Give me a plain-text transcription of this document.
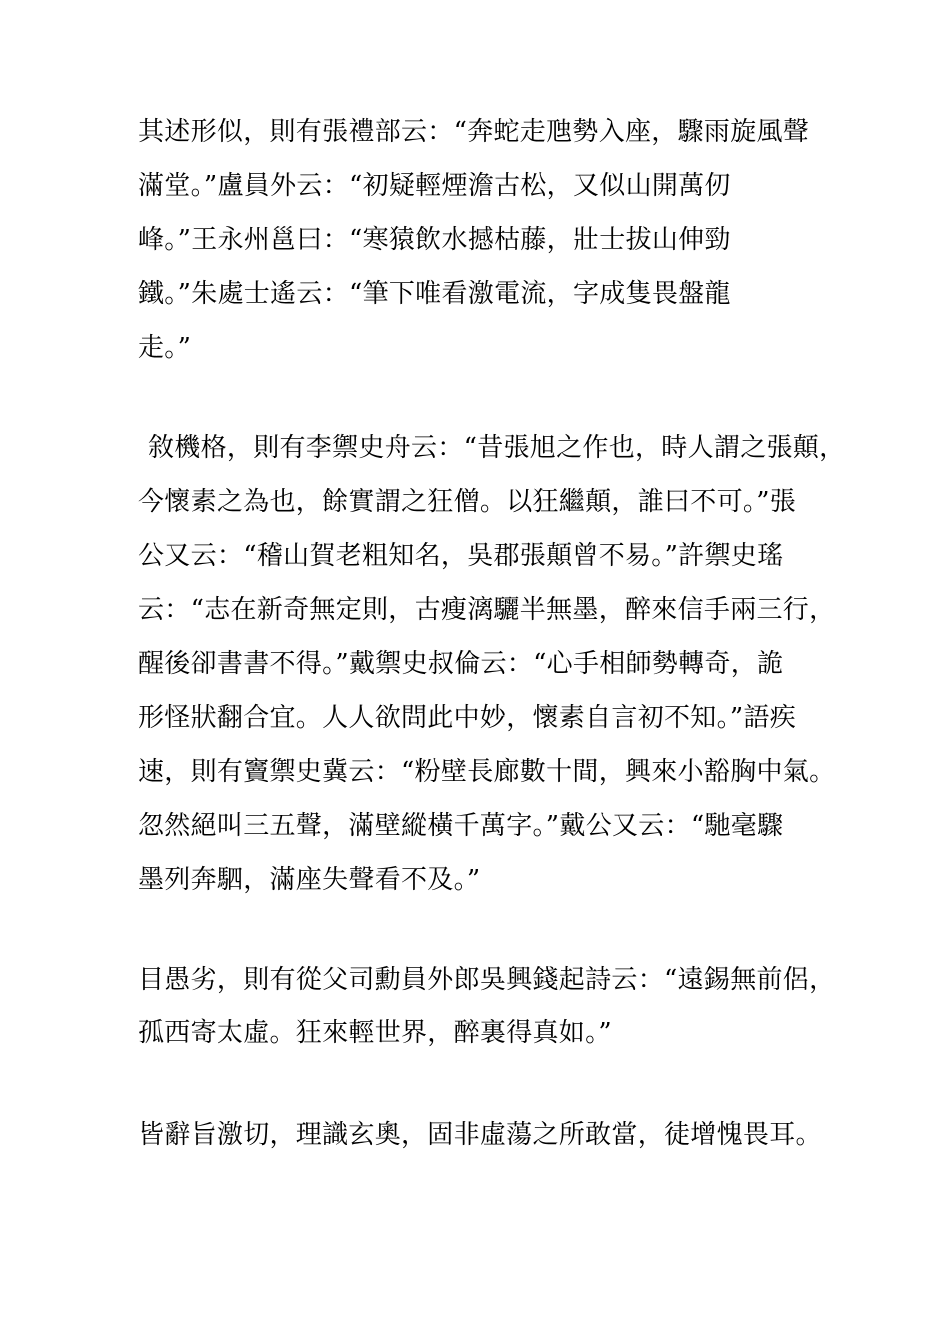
其述形似，則有張禮部云：“奔蛇走虺勢入座，驟雨旋風聲
滿堂。”盧員外云：“初疑輕煙澹古松，又似山開萬仞
峰。”王永州邕曰：“寒猿飲水撼枯藤，壯士拔山伸勁
鐵。”朱處士遙云：“筆下唯看激電流，字成隻畏盤龍
走。”
敘機格，則有李禦史舟云：“昔張旭之作也，時人謂之張顛，
今懷素之為也，餘實謂之狂僧。以狂繼顛，誰曰不可。”張
公又云：“稽山賀老粗知名，吳郡張顛曾不易。”許禦史瑤
云：“志在新奇無定則，古瘦漓驪半無墨，醉來信手兩三行，
醒後卻書書不得。”戴禦史叔倫云：“心手相師勢轉奇，詭
形怪狀翻合宜。人人欲問此中妙，懷素自言初不知。”語疾
速，則有竇禦史冀云：“粉壁長廊數十間，興來小豁胸中氣。
忽然絕叫三五聲，滿壁縱橫千萬字。”戴公又云：“馳毫驟
墨列奔駟，滿座失聲看不及。”
目愚劣，則有從父司勳員外郎吳興錢起詩云：“遠錫無前侶，
孤西寄太虛。狂來輕世界，醉裏得真如。”
皆辭旨激切，理識玄奧，固非虛蕩之所敢當，徒增愧畏耳。
